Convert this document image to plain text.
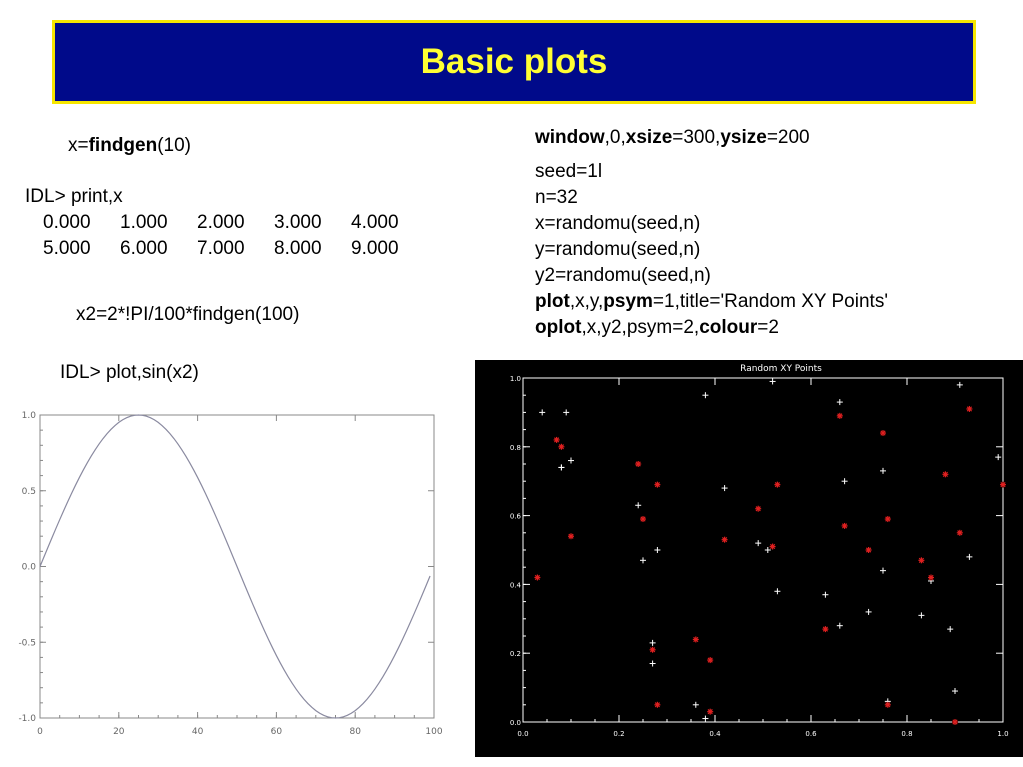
Basic plots
x=findgen(10)
IDL> print,x
0.000 1.000 2.000 3.000 4.000
5.000 6.000 7.000 8.000 9.000
x2=2*!PI/100*findgen(100)
IDL> plot,sin(x2)
window,0,xsize=300,ysize=200
seed=1l
n=32
x=randomu(seed,n)
y=randomu(seed,n)
y2=randomu(seed,n)
plot,x,y,psym=1,title='Random XY Points'
oplot,x,y2,psym=2,colour=2
-1.0
-0.5
0.0
0.5
1.0
0	20	40	60	80	100
Random XY Points
0.0
0.2
0.4
0.6
0.8
1.0
0.0	0.2	0.4	0.6	0.8	1.0
